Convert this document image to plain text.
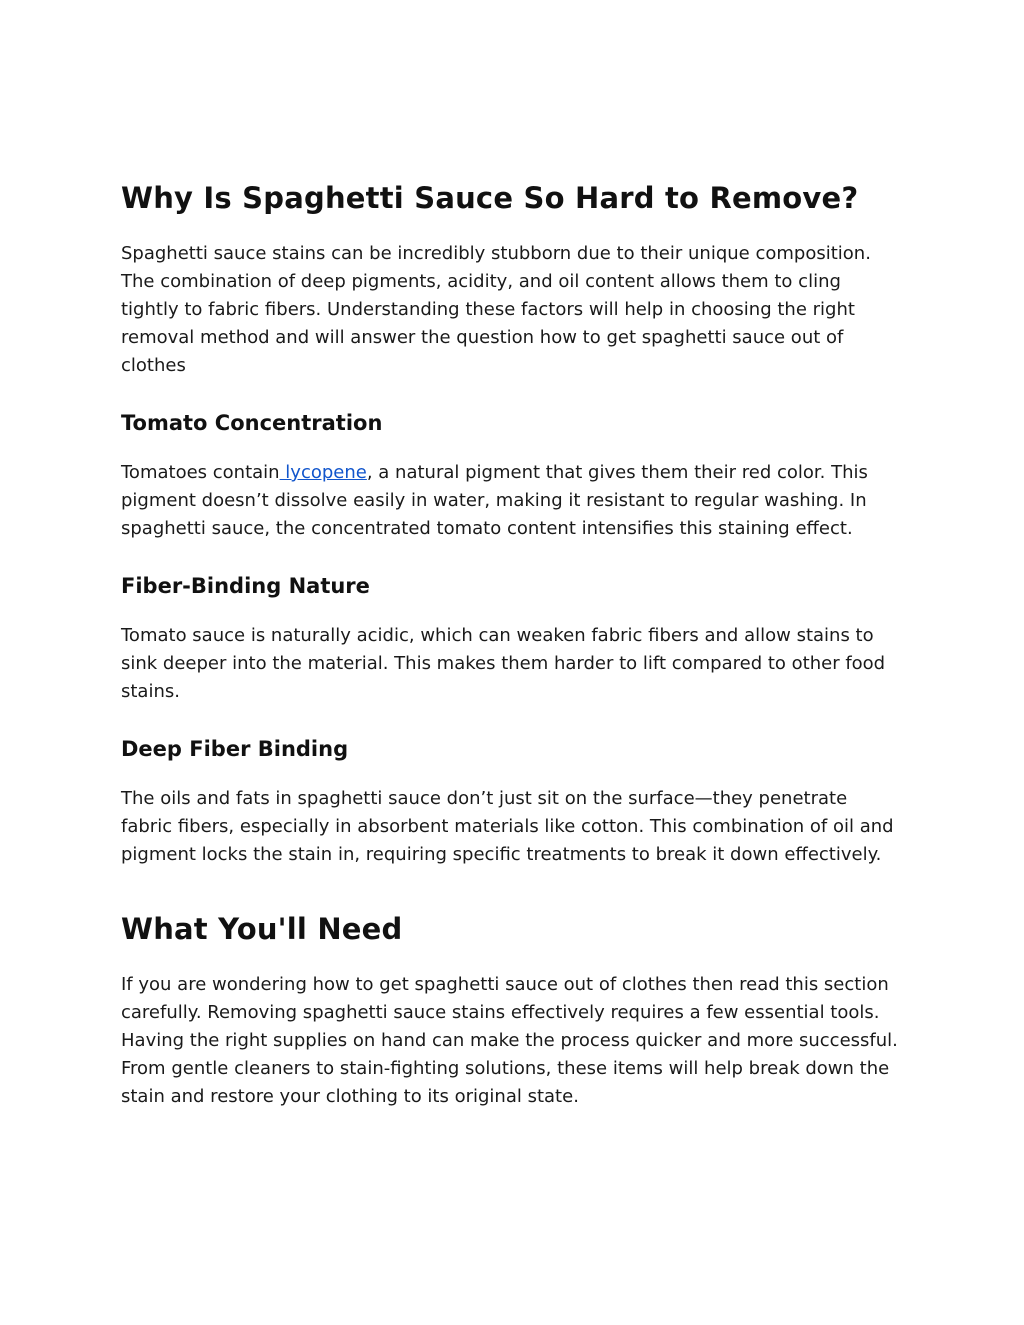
Why Is Spaghetti Sauce So Hard to Remove?

Spaghetti sauce stains can be incredibly stubborn due to their unique composition. The combination of deep pigments, acidity, and oil content allows them to cling tightly to fabric fibers. Understanding these factors will help in choosing the right removal method and will answer the question how to get spaghetti sauce out of clothes

Tomato Concentration

Tomatoes contain lycopene, a natural pigment that gives them their red color. This pigment doesn’t dissolve easily in water, making it resistant to regular washing. In spaghetti sauce, the concentrated tomato content intensifies this staining effect.

Fiber-Binding Nature

Tomato sauce is naturally acidic, which can weaken fabric fibers and allow stains to sink deeper into the material. This makes them harder to lift compared to other food stains.

Deep Fiber Binding

The oils and fats in spaghetti sauce don’t just sit on the surface—they penetrate fabric fibers, especially in absorbent materials like cotton. This combination of oil and pigment locks the stain in, requiring specific treatments to break it down effectively.

What You'll Need

If you are wondering how to get spaghetti sauce out of clothes then read this section carefully. Removing spaghetti sauce stains effectively requires a few essential tools. Having the right supplies on hand can make the process quicker and more successful. From gentle cleaners to stain-fighting solutions, these items will help break down the stain and restore your clothing to its original state.
